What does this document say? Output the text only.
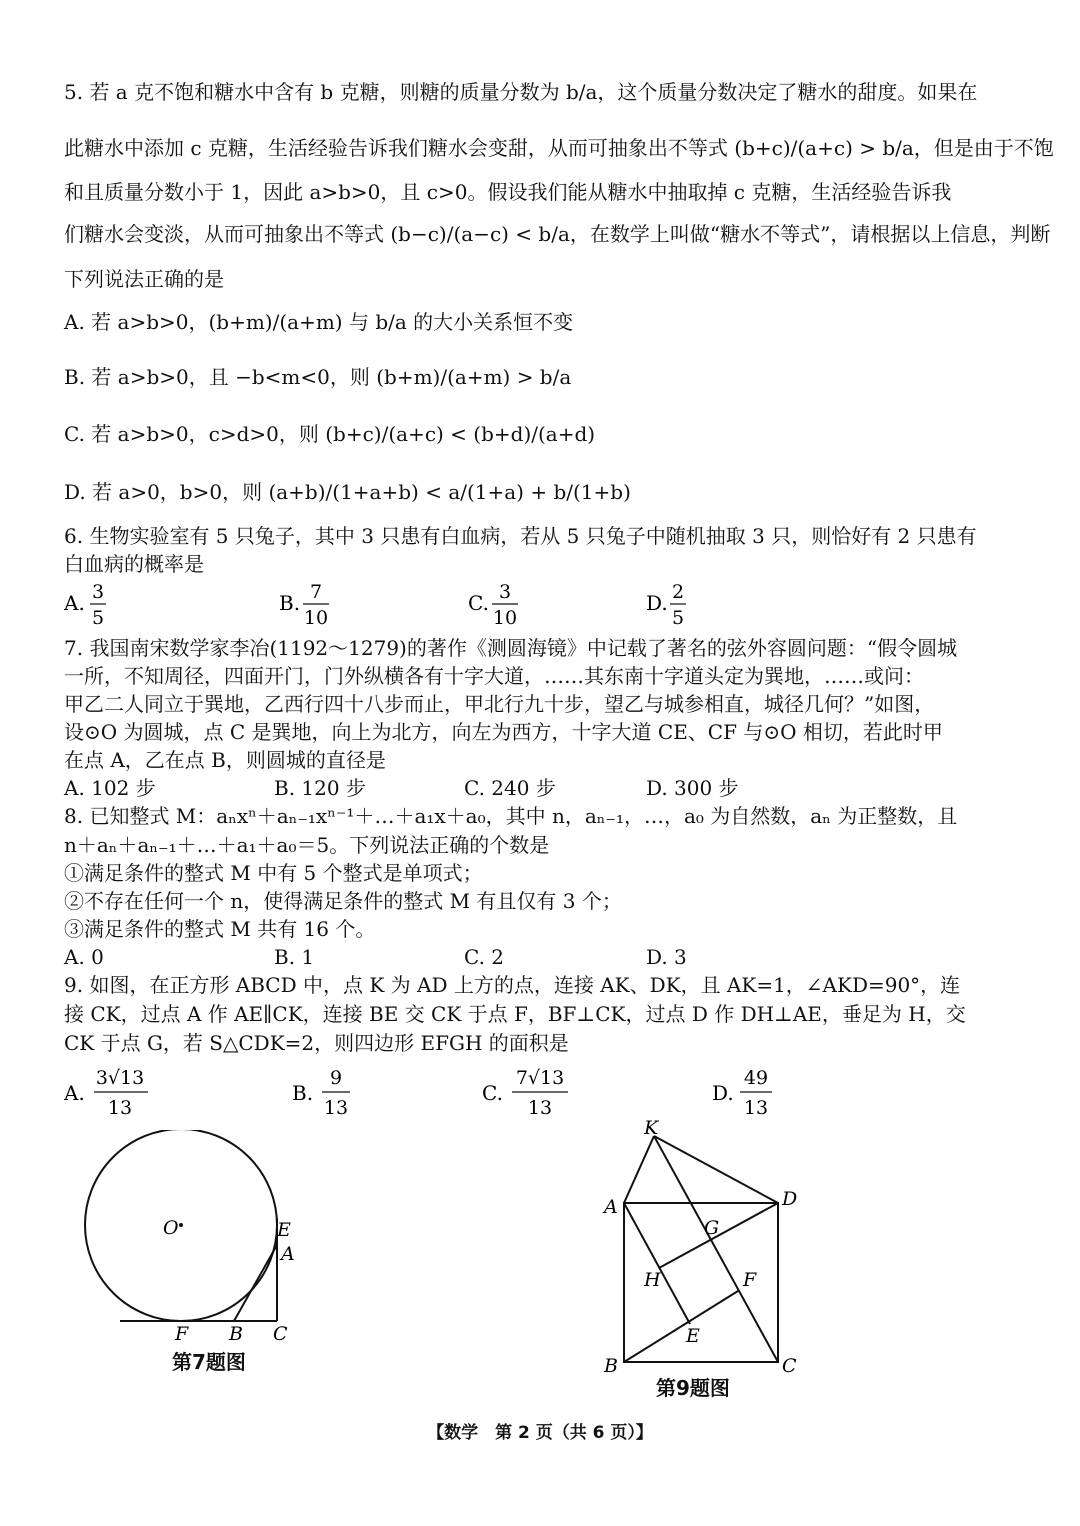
5. 若 a 克不饱和糖水中含有 b 克糖，则糖的质量分数为 b/a，这个质量分数决定了糖水的甜度。如果在
此糖水中添加 c 克糖，生活经验告诉我们糖水会变甜，从而可抽象出不等式 (b+c)/(a+c) > b/a，但是由于不饱
和且质量分数小于 1，因此 a>b>0，且 c>0。假设我们能从糖水中抽取掉 c 克糖，生活经验告诉我
们糖水会变淡，从而可抽象出不等式 (b−c)/(a−c) < b/a，在数学上叫做“糖水不等式”，请根据以上信息，判断
下列说法正确的是
A. 若 a>b>0，(b+m)/(a+m) 与 b/a 的大小关系恒不变
B. 若 a>b>0，且 −b<m<0，则 (b+m)/(a+m) > b/a
C. 若 a>b>0，c>d>0，则 (b+c)/(a+c) < (b+d)/(a+d)
D. 若 a>0，b>0，则 (a+b)/(1+a+b) < a/(1+a) + b/(1+b)
6. 生物实验室有 5 只兔子，其中 3 只患有白血病，若从 5 只兔子中随机抽取 3 只，则恰好有 2 只患有
白血病的概率是
A. 3
5
B. 7
10
C. 3
10
D. 2
5
7. 我国南宋数学家李冶(1192～1279)的著作《测圆海镜》中记载了著名的弦外容圆问题：“假令圆城
一所，不知周径，四面开门，门外纵横各有十字大道，……其东南十字道头定为巽地，……或问：
甲乙二人同立于巽地，乙西行四十八步而止，甲北行九十步，望乙与城参相直，城径几何？”如图，
设⊙O 为圆城，点 C 是巽地，向上为北方，向左为西方，十字大道 CE、CF 与⊙O 相切，若此时甲
在点 A，乙在点 B，则圆城的直径是
A. 102 步	B. 120 步	C. 240 步	D. 300 步
8. 已知整式 M：aₙxⁿ＋aₙ₋₁xⁿ⁻¹＋…＋a₁x＋a₀，其中 n，aₙ₋₁，…，a₀ 为自然数，aₙ 为正整数，且
n＋aₙ＋aₙ₋₁＋…＋a₁＋a₀＝5。下列说法正确的个数是
①满足条件的整式 M 中有 5 个整式是单项式；
②不存在任何一个 n，使得满足条件的整式 M 有且仅有 3 个；
③满足条件的整式 M 共有 16 个。
A. 0	B. 1	C. 2	D. 3
9. 如图，在正方形 ABCD 中，点 K 为 AD 上方的点，连接 AK、DK，且 AK=1，∠AKD=90°，连
接 CK，过点 A 作 AE∥CK，连接 BE 交 CK 于点 F，BF⊥CK，过点 D 作 DH⊥AE，垂足为 H，交
CK 于点 G，若 S△CDK=2，则四边形 EFGH 的面积是
A.
3√13
13
B.
9
13
C.
7√13
13
D.
49
13
O	E
A
F B C
第7题图
K
A	D
G
H	F
E
B	C
第9题图
【数学　第 2 页（共 6 页）】
